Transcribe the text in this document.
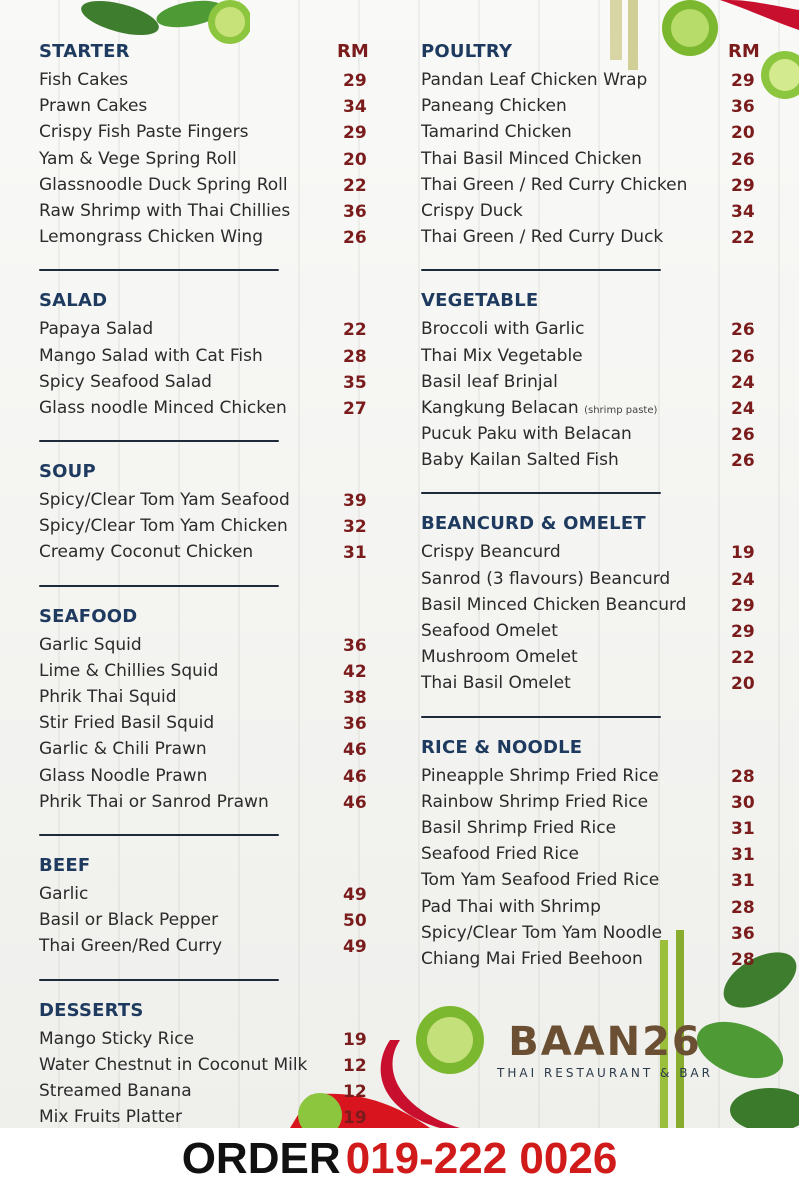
STARTER	RM
Fish Cakes	29
Prawn Cakes	34
Crispy Fish Paste Fingers	29
Yam & Vege Spring Roll	20
Glassnoodle Duck Spring Roll	22
Raw Shrimp with Thai Chillies	36
Lemongrass Chicken Wing	26
SALAD
Papaya Salad	22
Mango Salad with Cat Fish	28
Spicy Seafood Salad	35
Glass noodle Minced Chicken	27
SOUP
Spicy/Clear Tom Yam Seafood	39
Spicy/Clear Tom Yam Chicken	32
Creamy Coconut Chicken	31
SEAFOOD
Garlic Squid	36
Lime & Chillies Squid	42
Phrik Thai Squid	38
Stir Fried Basil Squid	36
Garlic & Chili Prawn	46
Glass Noodle Prawn	46
Phrik Thai or Sanrod Prawn	46
BEEF
Garlic	49
Basil or Black Pepper	50
Thai Green/Red Curry	49
DESSERTS
Mango Sticky Rice	19
Water Chestnut in Coconut Milk 12
Streamed Banana	12
Mix Fruits Platter	19
POULTRY	RM
Pandan Leaf Chicken Wrap	29
Paneang Chicken	36
Tamarind Chicken	20
Thai Basil Minced Chicken	26
Thai Green / Red Curry Chicken	29
Crispy Duck	34
Thai Green / Red Curry Duck	22
VEGETABLE
Broccoli with Garlic	26
Thai Mix Vegetable	26
Basil leaf Brinjal	24
Kangkung Belacan (shrimp paste)	24
Pucuk Paku with Belacan	26
Baby Kailan Salted Fish	26
BEANCURD & OMELET
Crispy Beancurd	19
Sanrod (3 flavours) Beancurd	24
Basil Minced Chicken Beancurd	29
Seafood Omelet	29
Mushroom Omelet	22
Thai Basil Omelet	20
RICE & NOODLE
Pineapple Shrimp Fried Rice	28
Rainbow Shrimp Fried Rice	30
Basil Shrimp Fried Rice	31
Seafood Fried Rice	31
Tom Yam Seafood Fried Rice	31
Pad Thai with Shrimp	28
Spicy/Clear Tom Yam Noodle	36
Chiang Mai Fried Beehoon	28
BAAN26
THAI RESTAURANT & BAR
ORDER 019-222 0026
